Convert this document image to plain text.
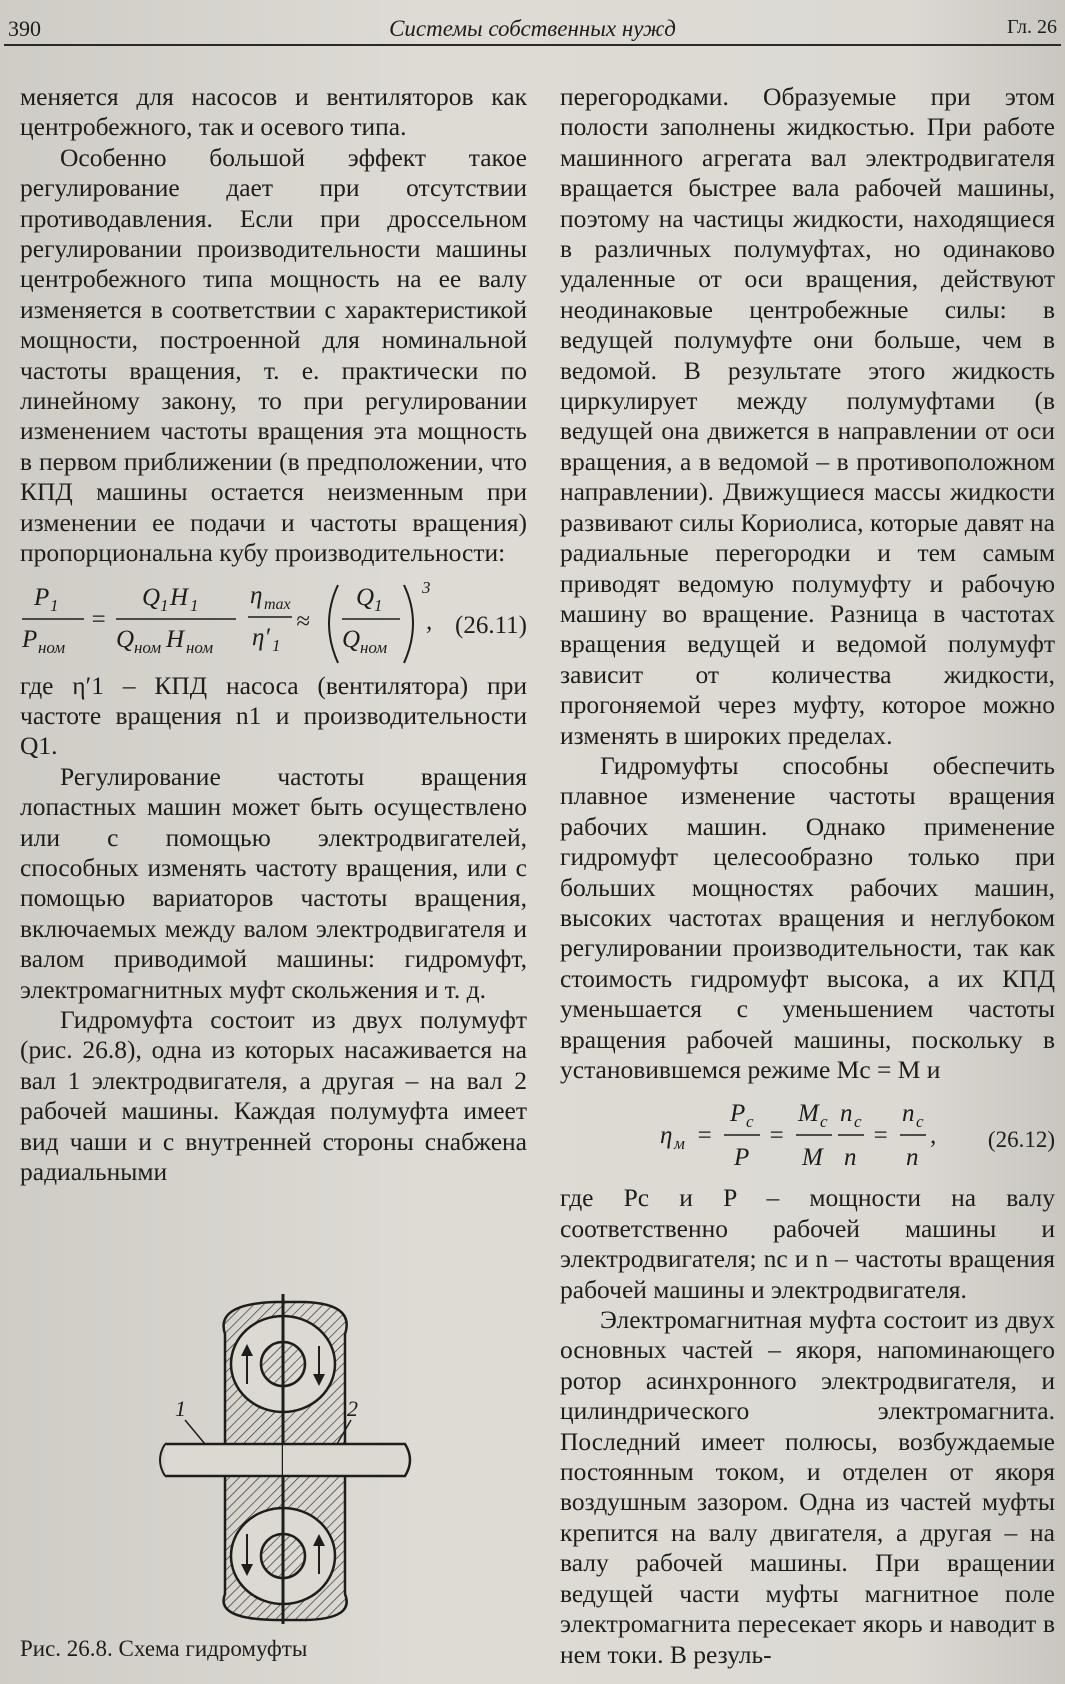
390	Системы собственных нужд	Гл. 26

меняется для насосов и вентиляторов как центробежного, так и осевого типа.

Особенно большой эффект такое регулирование дает при отсутствии противодавления. Если при дроссельном регулировании производительности машины центробежного типа мощность на ее валу изменяется в соответствии с характеристикой мощности, построенной для номинальной частоты вращения, т. е. практически по линейному закону, то при регулировании изменением частоты вращения эта мощность в первом приближении (в предположении, что КПД машины остается неизменным при изменении ее подачи и частоты вращения) пропорциональна кубу производительности:

P 1
P ном
=
Q 1 H 1
Q ном H ном
η max
η′ 1
≈
Q 1
Q ном
3
, (26.11)

где η′1 – КПД насоса (вентилятора) при частоте вращения n1 и производительности Q1.

Регулирование частоты вращения лопастных машин может быть осуществлено или с помощью электродвигателей, способных изменять частоту вращения, или с помощью вариаторов частоты вращения, включаемых между валом электродвигателя и валом приводимой машины: гидромуфт, электромагнитных муфт скольжения и т. д.

Гидромуфта состоит из двух полумуфт (рис. 26.8), одна из которых насаживается на вал 1 электродвигателя, а другая – на вал 2 рабочей машины. Каждая полумуфта имеет вид чаши и с внутренней стороны снабжена радиальными

1	2
Рис. 26.8. Схема гидромуфты

перегородками. Образуемые при этом полости заполнены жидкостью. При работе машинного агрегата вал электродвигателя вращается быстрее вала рабочей машины, поэтому на частицы жидкости, находящиеся в различных полумуфтах, но одинаково удаленные от оси вращения, действуют неодинаковые центробежные силы: в ведущей полумуфте они больше, чем в ведомой. В результате этого жидкость циркулирует между полумуфтами (в ведущей она движется в направлении от оси вращения, а в ведомой – в противоположном направлении). Движущиеся массы жидкости развивают силы Кориолиса, которые давят на радиальные перегородки и тем самым приводят ведомую полумуфту и рабочую машину во вращение. Разница в частотах вращения ведущей и ведомой полумуфт зависит от количества жидкости, прогоняемой через муфту, которое можно изменять в широких пределах.

Гидромуфты способны обеспечить плавное изменение частоты вращения рабочих машин. Однако применение гидромуфт целесообразно только при больших мощностях рабочих машин, высоких частотах вращения и неглубоком регулировании производительности, так как стоимость гидромуфт высока, а их КПД уменьшается с уменьшением частоты вращения рабочей машины, поскольку в установившемся режиме Mс = M и

η м =
P с
P
=
M с
M
n с
n
=
n с
n
, (26.12)

где Pс и P – мощности на валу соответственно рабочей машины и электродвигателя; nс и n – частоты вращения рабочей машины и электродвигателя.

Электромагнитная муфта состоит из двух основных частей – якоря, напоминающего ротор асинхронного электродвигателя, и цилиндрического электромагнита. Последний имеет полюсы, возбуждаемые постоянным током, и отделен от якоря воздушным зазором. Одна из частей муфты крепится на валу двигателя, а другая – на валу рабочей машины. При вращении ведущей части муфты магнитное поле электромагнита пересекает якорь и наводит в нем токи. В резуль-
